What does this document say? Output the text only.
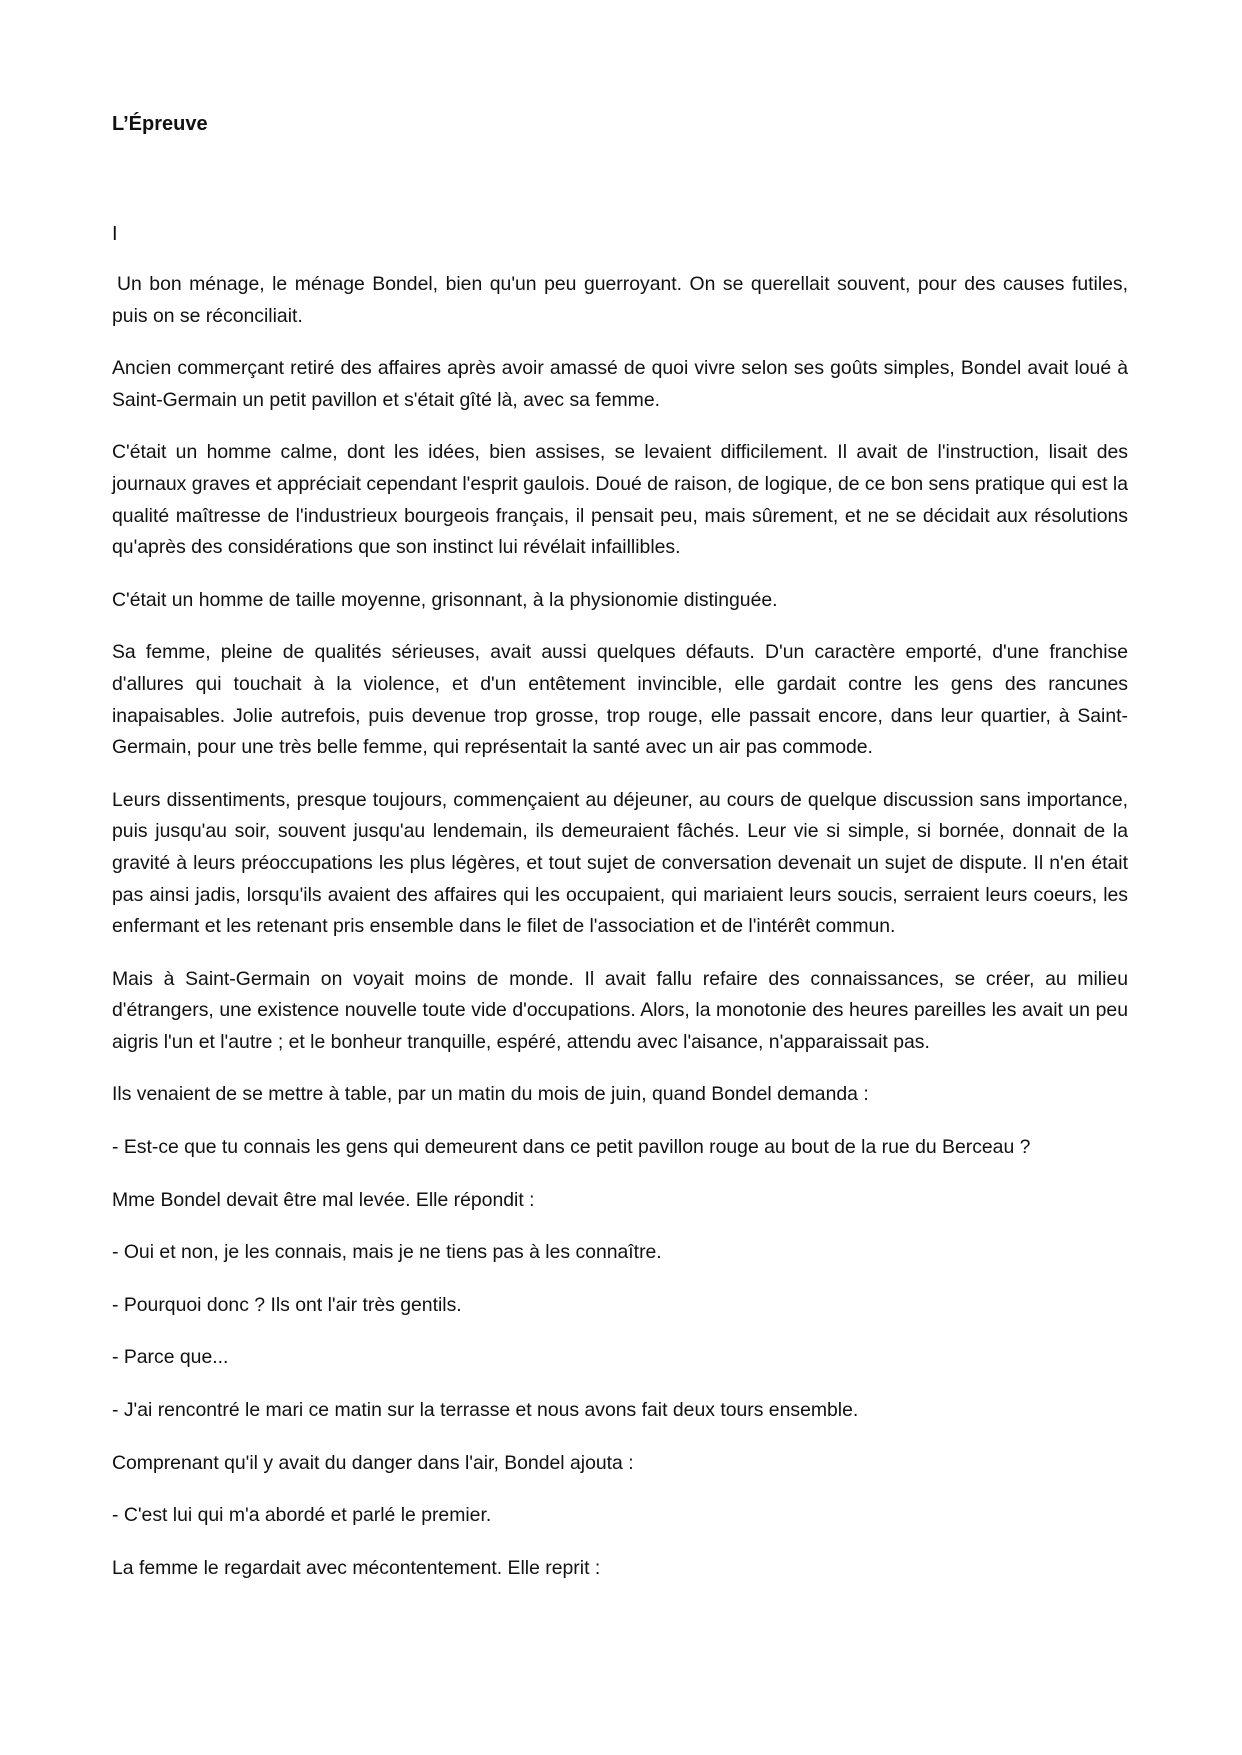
L’Épreuve
I

Un bon ménage, le ménage Bondel, bien qu'un peu guerroyant. On se querellait souvent, pour des causes futiles, puis on se réconciliait.

Ancien commerçant retiré des affaires après avoir amassé de quoi vivre selon ses goûts simples, Bondel avait loué à Saint-Germain un petit pavillon et s'était gîté là, avec sa femme.

C'était un homme calme, dont les idées, bien assises, se levaient difficilement. Il avait de l'instruction, lisait des journaux graves et appréciait cependant l'esprit gaulois. Doué de raison, de logique, de ce bon sens pratique qui est la qualité maîtresse de l'industrieux bourgeois français, il pensait peu, mais sûrement, et ne se décidait aux résolutions qu'après des considérations que son instinct lui révélait infaillibles.

C'était un homme de taille moyenne, grisonnant, à la physionomie distinguée.

Sa femme, pleine de qualités sérieuses, avait aussi quelques défauts. D'un caractère emporté, d'une franchise d'allures qui touchait à la violence, et d'un entêtement invincible, elle gardait contre les gens des rancunes inapaisables. Jolie autrefois, puis devenue trop grosse, trop rouge, elle passait encore, dans leur quartier, à Saint-Germain, pour une très belle femme, qui représentait la santé avec un air pas commode.

Leurs dissentiments, presque toujours, commençaient au déjeuner, au cours de quelque discussion sans importance, puis jusqu'au soir, souvent jusqu'au lendemain, ils demeuraient fâchés. Leur vie si simple, si bornée, donnait de la gravité à leurs préoccupations les plus légères, et tout sujet de conversation devenait un sujet de dispute. Il n'en était pas ainsi jadis, lorsqu'ils avaient des affaires qui les occupaient, qui mariaient leurs soucis, serraient leurs coeurs, les enfermant et les retenant pris ensemble dans le filet de l'association et de l'intérêt commun.

Mais à Saint-Germain on voyait moins de monde. Il avait fallu refaire des connaissances, se créer, au milieu d'étrangers, une existence nouvelle toute vide d'occupations. Alors, la monotonie des heures pareilles les avait un peu aigris l'un et l'autre ; et le bonheur tranquille, espéré, attendu avec l'aisance, n'apparaissait pas.

Ils venaient de se mettre à table, par un matin du mois de juin, quand Bondel demanda :

- Est-ce que tu connais les gens qui demeurent dans ce petit pavillon rouge au bout de la rue du Berceau ?

Mme Bondel devait être mal levée. Elle répondit :

- Oui et non, je les connais, mais je ne tiens pas à les connaître.

- Pourquoi donc ? Ils ont l'air très gentils.

- Parce que...

- J'ai rencontré le mari ce matin sur la terrasse et nous avons fait deux tours ensemble.

Comprenant qu'il y avait du danger dans l'air, Bondel ajouta :

- C'est lui qui m'a abordé et parlé le premier.

La femme le regardait avec mécontentement. Elle reprit :
